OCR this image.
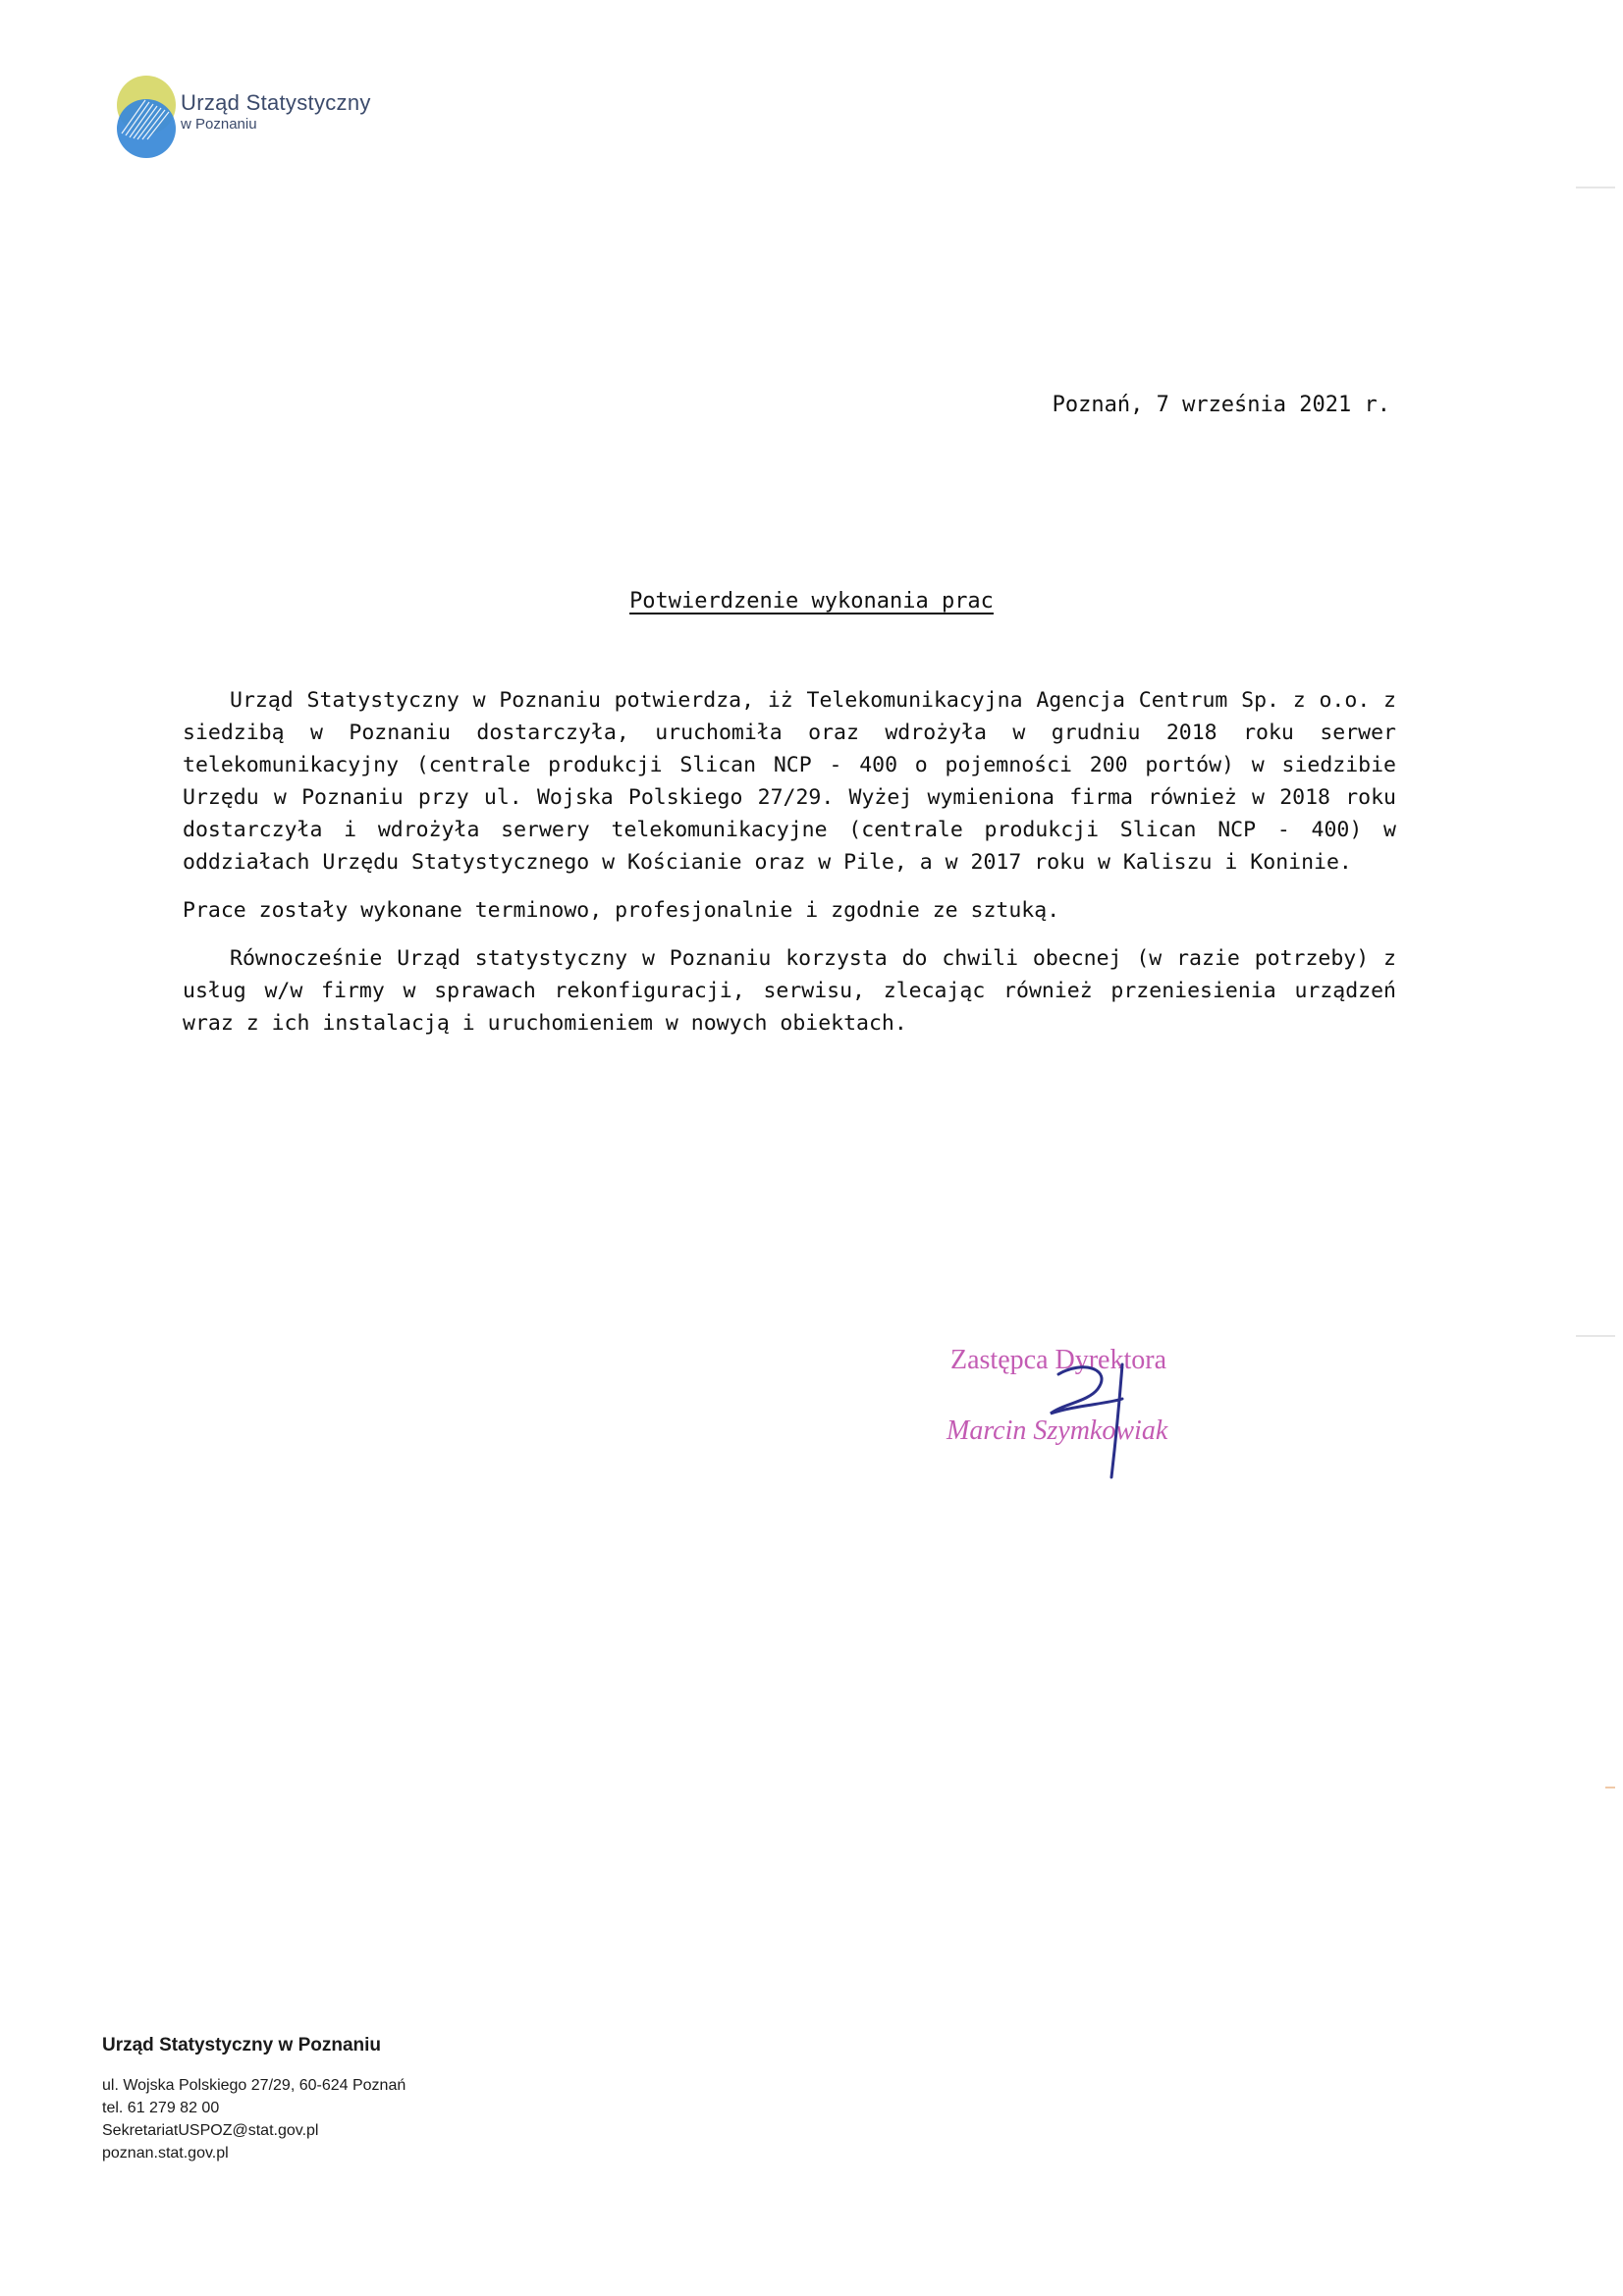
Urząd Statystyczny
w Poznaniu
Poznań, 7 września 2021 r.
Potwierdzenie wykonania prac

Urząd Statystyczny w Poznaniu potwierdza, iż Telekomunikacyjna Agencja Centrum Sp. z o.o. z siedzibą w Poznaniu dostarczyła, uruchomiła oraz wdrożyła w grudniu 2018 roku serwer telekomunikacyjny (centrale produkcji Slican NCP - 400 o pojemności 200 portów) w siedzibie Urzędu w Poznaniu przy ul. Wojska Polskiego 27/29. Wyżej wymieniona firma również w 2018 roku dostarczyła i wdrożyła serwery telekomunikacyjne (centrale produkcji Slican NCP - 400) w oddziałach Urzędu Statystycznego w Kościanie oraz w Pile, a w 2017 roku w Kaliszu i Koninie.

Prace zostały wykonane terminowo, profesjonalnie i zgodnie ze sztuką.

Równocześnie Urząd statystyczny w Poznaniu korzysta do chwili obecnej (w razie potrzeby) z usług w/w firmy w sprawach rekonfiguracji, serwisu, zlecając również przeniesienia urządzeń wraz z ich instalacją i uruchomieniem w nowych obiektach.

Zastępca Dyrektora
Marcin Szymkowiak
Urząd Statystyczny w Poznaniu
ul. Wojska Polskiego 27/29, 60-624 Poznań
tel. 61 279 82 00
SekretariatUSPOZ@stat.gov.pl
poznan.stat.gov.pl
